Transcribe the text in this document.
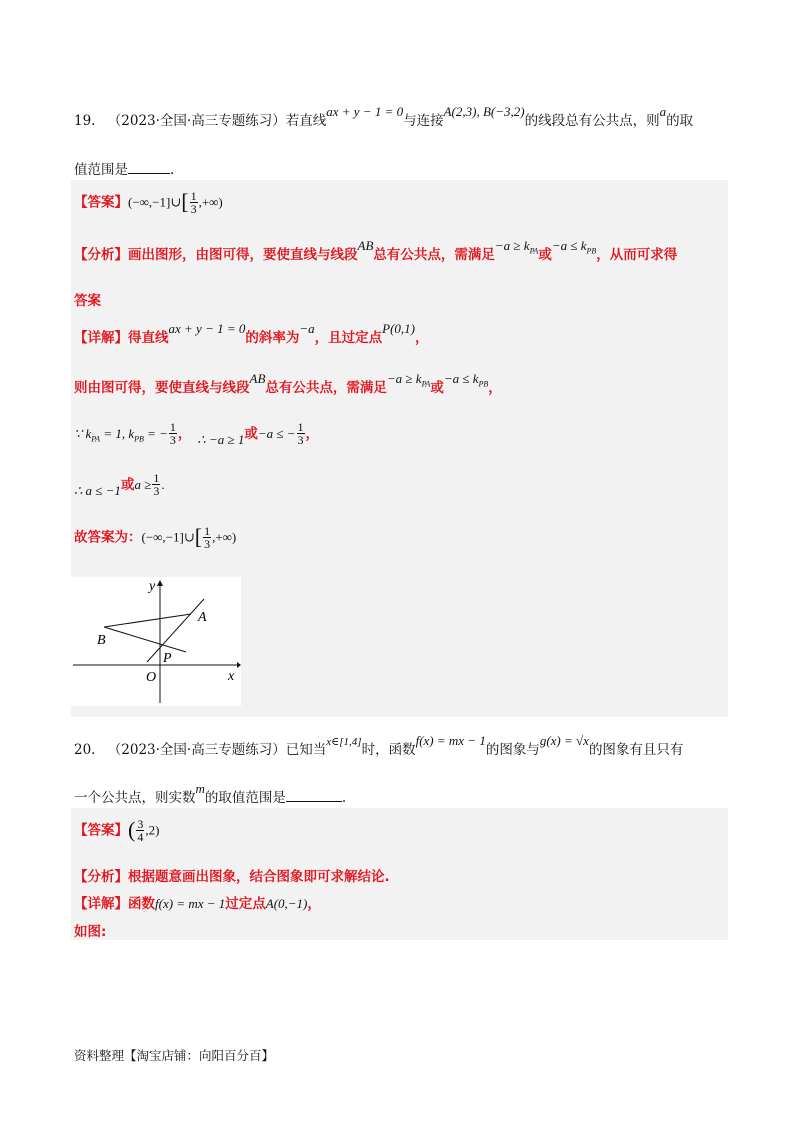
19. （2023·全国·高三专题练习）若直线ax + y − 1 = 0与连接A(2,3), B(−3,2)的线段总有公共点，则a的取
值范围是	.
【答案】(−∞,−1]∪[ $\frac{1}{3}$ ,+∞)
【分析】画出图形，由图可得，要使直线与线段$^{AB}$总有公共点，需满足$^{-a \ge k_{PA}}$或$^{-a \le k_{PB}}$，从而可求得
答案
【详解】得直线$^{ax + y - 1 = 0}$的斜率为$^{-a}$，且过定点$^{P(0,1)}$，
则由图可得，要使直线与线段$^{AB}$总有公共点，需满足$^{-a \ge k_{PA}}$或$^{-a \le k_{PB}}$，
∵ $k_{PA} = 1$, $k_{PB}$ = − $\frac{1}{3}$ ， $_{\therefore -a \ge 1}$或−a ≤ − $\frac{1}{3}$ ，
$_{\therefore a \le -1}$或$a \ge \frac{1}{3}$ .
故答案为：(−∞,−1]∪[ $\frac{1}{3}$ ,+∞)
y
x
A
B
P
O
20. （2023·全国·高三专题练习）已知当$^{x\in[1,4]}$时，函数f(x) = mx − 1的图象与g(x) = √x的图象有且只有
一个公共点，则实数m的取值范围是	.
【答案】( $\frac{3}{4} ,2$)
【分析】根据题意画出图象，结合图象即可求解结论.
【详解】函数f(x) = mx − 1过定点A(0,−1)，
如图:
资料整理【淘宝店铺：向阳百分百】
